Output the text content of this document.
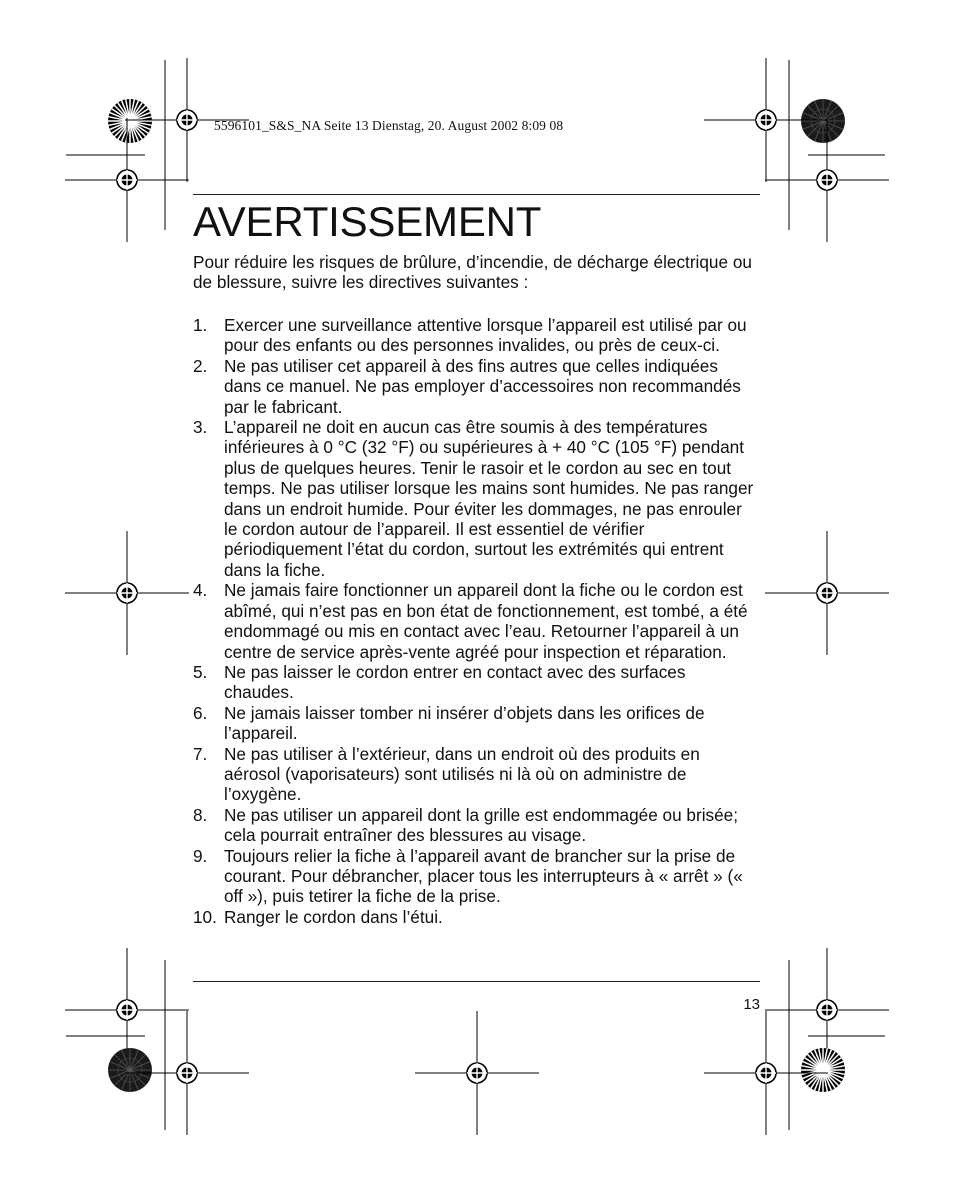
5596101_S&S_NA Seite 13 Dienstag, 20. August 2002 8:09 08
AVERTISSEMENT

Pour réduire les risques de brûlure, d’incendie, de décharge électrique ou de blessure, suivre les directives suivantes :

1. Exercer une surveillance attentive lorsque l’appareil est utilisé par ou pour des enfants ou des personnes invalides, ou près de ceux-ci.
2. Ne pas utiliser cet appareil à des fins autres que celles indiquées dans ce manuel. Ne pas employer d’accessoires non recommandés par le fabricant.
3. L’appareil ne doit en aucun cas être soumis à des températures inférieures à 0 °C (32 °F) ou supérieures à + 40 °C (105 °F) pendant plus de quelques heures. Tenir le rasoir et le cordon au sec en tout temps. Ne pas utiliser lorsque les mains sont humides. Ne pas ranger dans un endroit humide. Pour éviter les dommages, ne pas enrouler le cordon autour de l’appareil. Il est essentiel de vérifier périodiquement l’état du cordon, surtout les extrémités qui entrent dans la fiche.
4. Ne jamais faire fonctionner un appareil dont la fiche ou le cordon est abîmé, qui n’est pas en bon état de fonctionnement, est tombé, a été endommagé ou mis en contact avec l’eau. Retourner l’appareil à un centre de service après-vente agréé pour inspection et réparation.
5. Ne pas laisser le cordon entrer en contact avec des surfaces chaudes.
6. Ne jamais laisser tomber ni insérer d’objets dans les orifices de l’appareil.
7. Ne pas utiliser à l’extérieur, dans un endroit où des produits en aérosol (vaporisateurs) sont utilisés ni là où on administre de l’oxygène.
8. Ne pas utiliser un appareil dont la grille est endommagée ou brisée; cela pourrait entraîner des blessures au visage.
9. Toujours relier la fiche à l’appareil avant de brancher sur la prise de courant. Pour débrancher, placer tous les interrupteurs à « arrêt » (« off »), puis tetirer la fiche de la prise.
10. Ranger le cordon dans l’étui.
13
